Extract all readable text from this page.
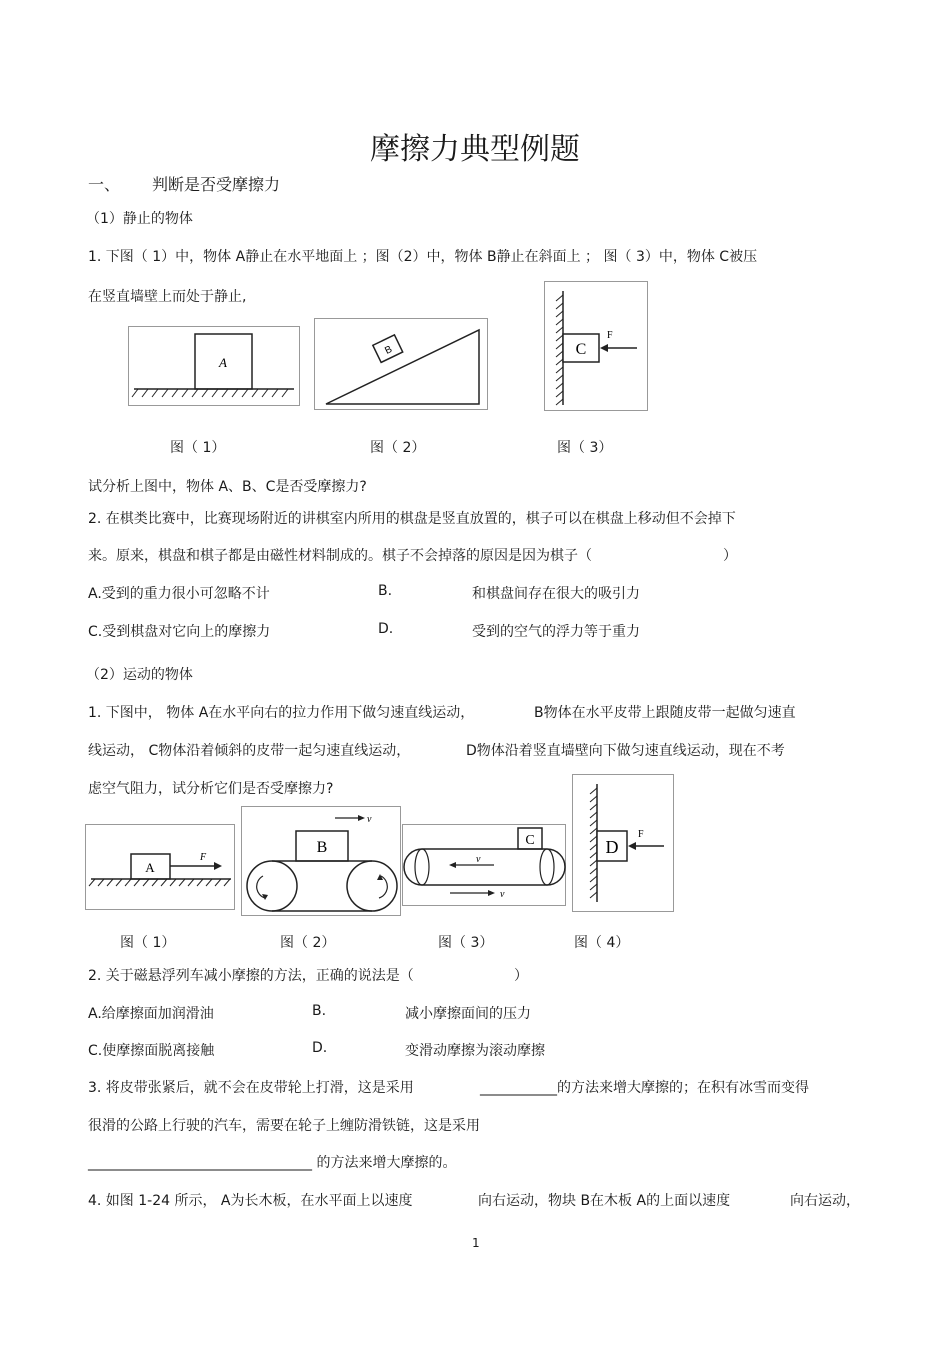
摩擦力典型例题
一、 判断是否受摩擦力
（1）静止的物体
1. 下图（ 1）中，物体 A静止在水平地面上 ；图（2）中，物体 B静止在斜面上 ； 图（ 3）中，物体 C被压
在竖直墙壁上而处于静止,
A
B	C
F
图（ 1）	图（ 2）	图（ 3）
试分析上图中，物体 A、B、C是否受摩擦力?
2. 在棋类比赛中，比赛现场附近的讲棋室内所用的棋盘是竖直放置的，棋子可以在棋盘上移动但不会掉下
来。原来，棋盘和棋子都是由磁性材料制成的。棋子不会掉落的原因是因为棋子（	）
A.受到的重力很小可忽略不计	B.	和棋盘间存在很大的吸引力
C.受到棋盘对它向上的摩擦力	D.	受到的空气的浮力等于重力
（2）运动的物体
1. 下图中， 物体 A在水平向右的拉力作用下做匀速直线运动，	B物体在水平皮带上跟随皮带一起做匀速直
线运动， C物体沿着倾斜的皮带一起匀速直线运动，	D物体沿着竖直墙壁向下做匀速直线运动，现在不考
虑空气阻力，试分析它们是否受摩擦力?
A
F
v
B	C
v
v
D
F
图（ 1）	图（ 2）	图（ 3）	图（ 4）
2. 关于磁悬浮列车减小摩擦的方法，正确的说法是（	）
A.给摩擦面加润滑油	B.	减小摩擦面间的压力
C.使摩擦面脱离接触	D.	变滑动摩擦为滚动摩擦
3. 将皮带张紧后，就不会在皮带轮上打滑，这是采用	___________的方法来增大摩擦的；在积有冰雪而变得
很滑的公路上行驶的汽车，需要在轮子上缠防滑铁链，这是采用
________________________________ 的方法来增大摩擦的。
4. 如图 1-24 所示， A为长木板，在水平面上以速度	向右运动，物块 B在木板 A的上面以速度	向右运动，
1
